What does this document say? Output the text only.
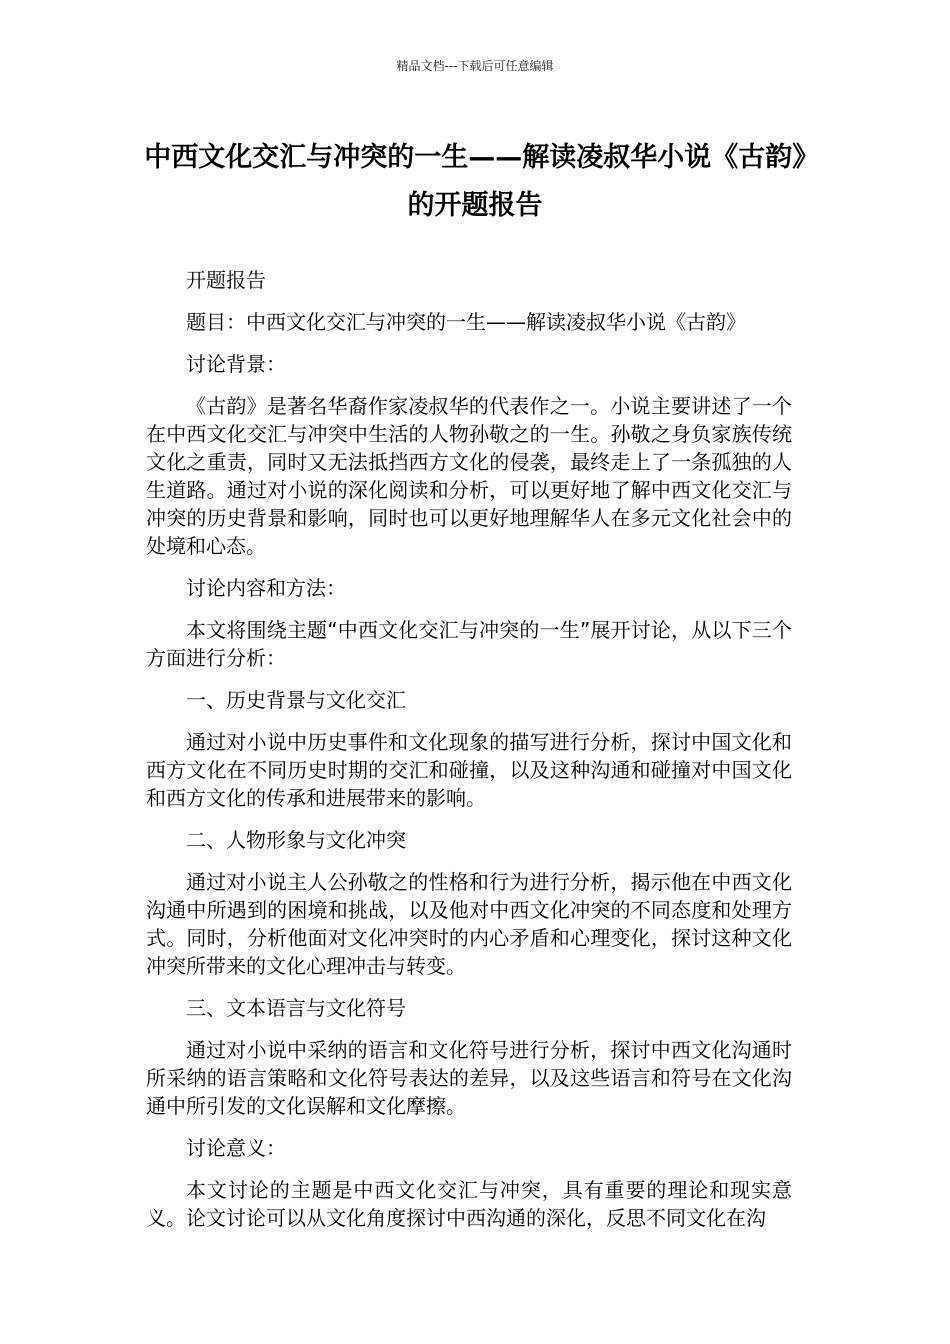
精品文档---下载后可任意编辑
中西文化交汇与冲突的一生——解读凌叔华小说《古韵》的开题报告

开题报告

题目：中西文化交汇与冲突的一生——解读凌叔华小说《古韵》

讨论背景：

《古韵》是著名华裔作家凌叔华的代表作之一。小说主要讲述了一个在中西文化交汇与冲突中生活的人物孙敬之的一生。孙敬之身负家族传统文化之重责，同时又无法抵挡西方文化的侵袭，最终走上了一条孤独的人生道路。通过对小说的深化阅读和分析，可以更好地了解中西文化交汇与冲突的历史背景和影响，同时也可以更好地理解华人在多元文化社会中的处境和心态。

讨论内容和方法：

本文将围绕主题“中西文化交汇与冲突的一生”展开讨论，从以下三个方面进行分析：

一、历史背景与文化交汇

通过对小说中历史事件和文化现象的描写进行分析，探讨中国文化和西方文化在不同历史时期的交汇和碰撞，以及这种沟通和碰撞对中国文化和西方文化的传承和进展带来的影响。

二、人物形象与文化冲突

通过对小说主人公孙敬之的性格和行为进行分析，揭示他在中西文化沟通中所遇到的困境和挑战，以及他对中西文化冲突的不同态度和处理方式。同时，分析他面对文化冲突时的内心矛盾和心理变化，探讨这种文化冲突所带来的文化心理冲击与转变。

三、文本语言与文化符号

通过对小说中采纳的语言和文化符号进行分析，探讨中西文化沟通时所采纳的语言策略和文化符号表达的差异，以及这些语言和符号在文化沟通中所引发的文化误解和文化摩擦。

讨论意义：

本文讨论的主题是中西文化交汇与冲突，具有重要的理论和现实意义。论文讨论可以从文化角度探讨中西沟通的深化，反思不同文化在沟
